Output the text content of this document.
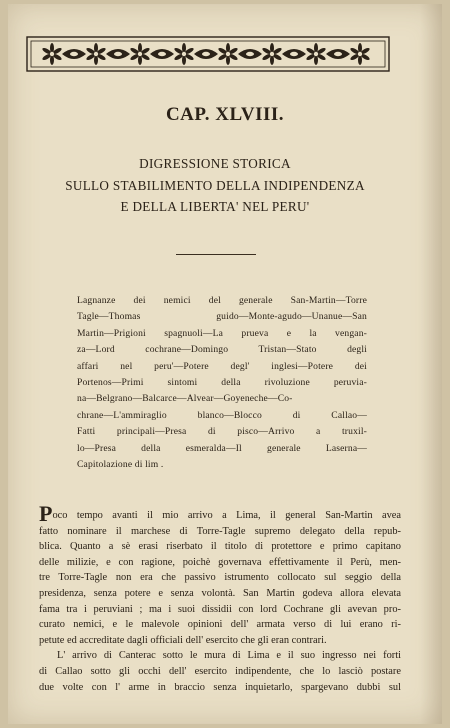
CAP. XLVIII.
DIGRESSIONE STORICA
SULLO STABILIMENTO DELLA INDIPENDENZA
E DELLA LIBERTA' NEL PERU'
Lagnanze dei nemici del generale San-Martin—Torre
Tagle—Thomas guido—Monte-agudo—Unanue—San
Martin—Prigioni spagnuoli—La prueva e la vengan-
za—Lord cochrane—Domingo Tristan—Stato degli
affari nel peru'—Potere degl' inglesi—Potere dei
Portenos—Primi sintomi della rivoluzione peruvia-
na—Belgrano—Balcarce—Alvear—Goyeneche—Co-
chrane—L'ammiraglio blanco—Blocco di Callao—
Fatti principali—Presa di pisco—Arrivo a truxil-
lo—Presa della esmeralda—Il generale Laserna—
Capitolazione di lim .
Poco tempo avanti il mio arrivo a Lima, il general San-Martin avea
fatto nominare il marchese di Torre-Tagle supremo delegato della repub-
blica. Quanto a sè erasi riserbato il titolo di protettore e primo capitano
delle milizie, e con ragione, poichè governava effettivamente il Perù, men-
tre Torre-Tagle non era che passivo istrumento collocato sul seggio della
presidenza, senza potere e senza volontà. San Martin godeva allora elevata
fama tra i peruviani ; ma i suoi dissidii con lord Cochrane gli avevan pro-
curato nemici, e le malevole opinioni dell' armata verso di lui erano ri-
petute ed accreditate dagli officiali dell' esercito che gli eran contrari.
L' arrivo di Canterac sotto le mura di Lima e il suo ingresso nei forti
di Callao sotto gli occhi dell' esercito indipendente, che lo lasciò postare
due volte con l' arme in braccio senza inquietarlo, spargevano dubbi sul
